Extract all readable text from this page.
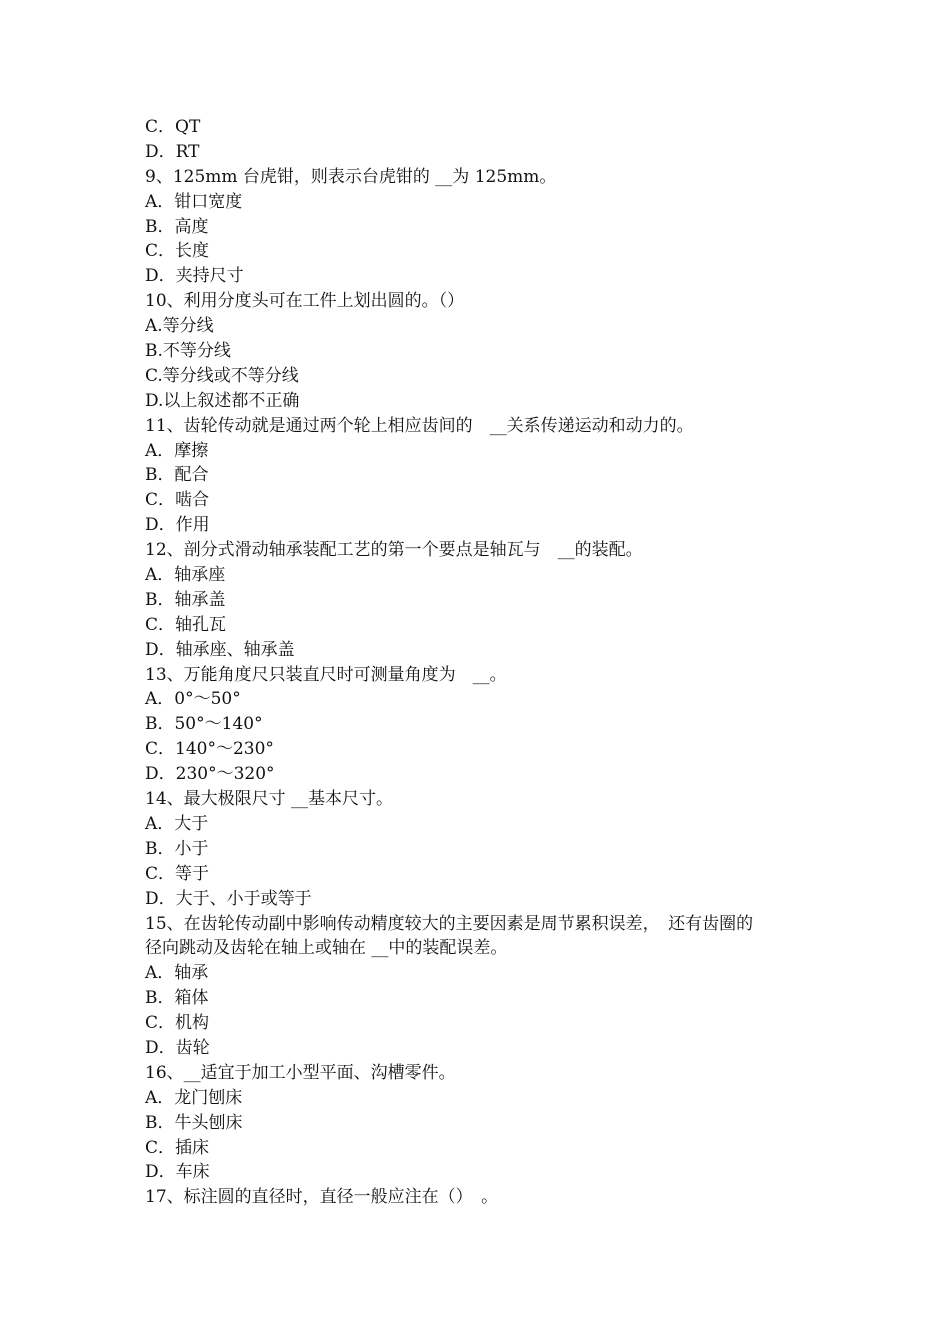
C．QT
D．RT
9、125mm 台虎钳，则表示台虎钳的 __为 125mm。
A．钳口宽度
B．高度
C．长度
D．夹持尺寸
10、利用分度头可在工件上划出圆的。（）
A.等分线
B.不等分线
C.等分线或不等分线
D.以上叙述都不正确
11、齿轮传动就是通过两个轮上相应齿间的　__关系传递运动和动力的。
A．摩擦
B．配合
C．啮合
D．作用
12、剖分式滑动轴承装配工艺的第一个要点是轴瓦与　__的装配。
A．轴承座
B．轴承盖
C．轴孔瓦
D．轴承座、轴承盖
13、万能角度尺只装直尺时可测量角度为　__。
A．0°～50°
B．50°～140°
C．140°～230°
D．230°～320°
14、最大极限尺寸 __基本尺寸。
A．大于
B．小于
C．等于
D．大于、小于或等于
15、在齿轮传动副中影响传动精度较大的主要因素是周节累积误差，　还有齿圈的
径向跳动及齿轮在轴上或轴在 __中的装配误差。
A．轴承
B．箱体
C．机构
D．齿轮
16、__适宜于加工小型平面、沟槽零件。
A．龙门刨床
B．牛头刨床
C．插床
D．车床
17、标注圆的直径时，直径一般应注在（）　。
